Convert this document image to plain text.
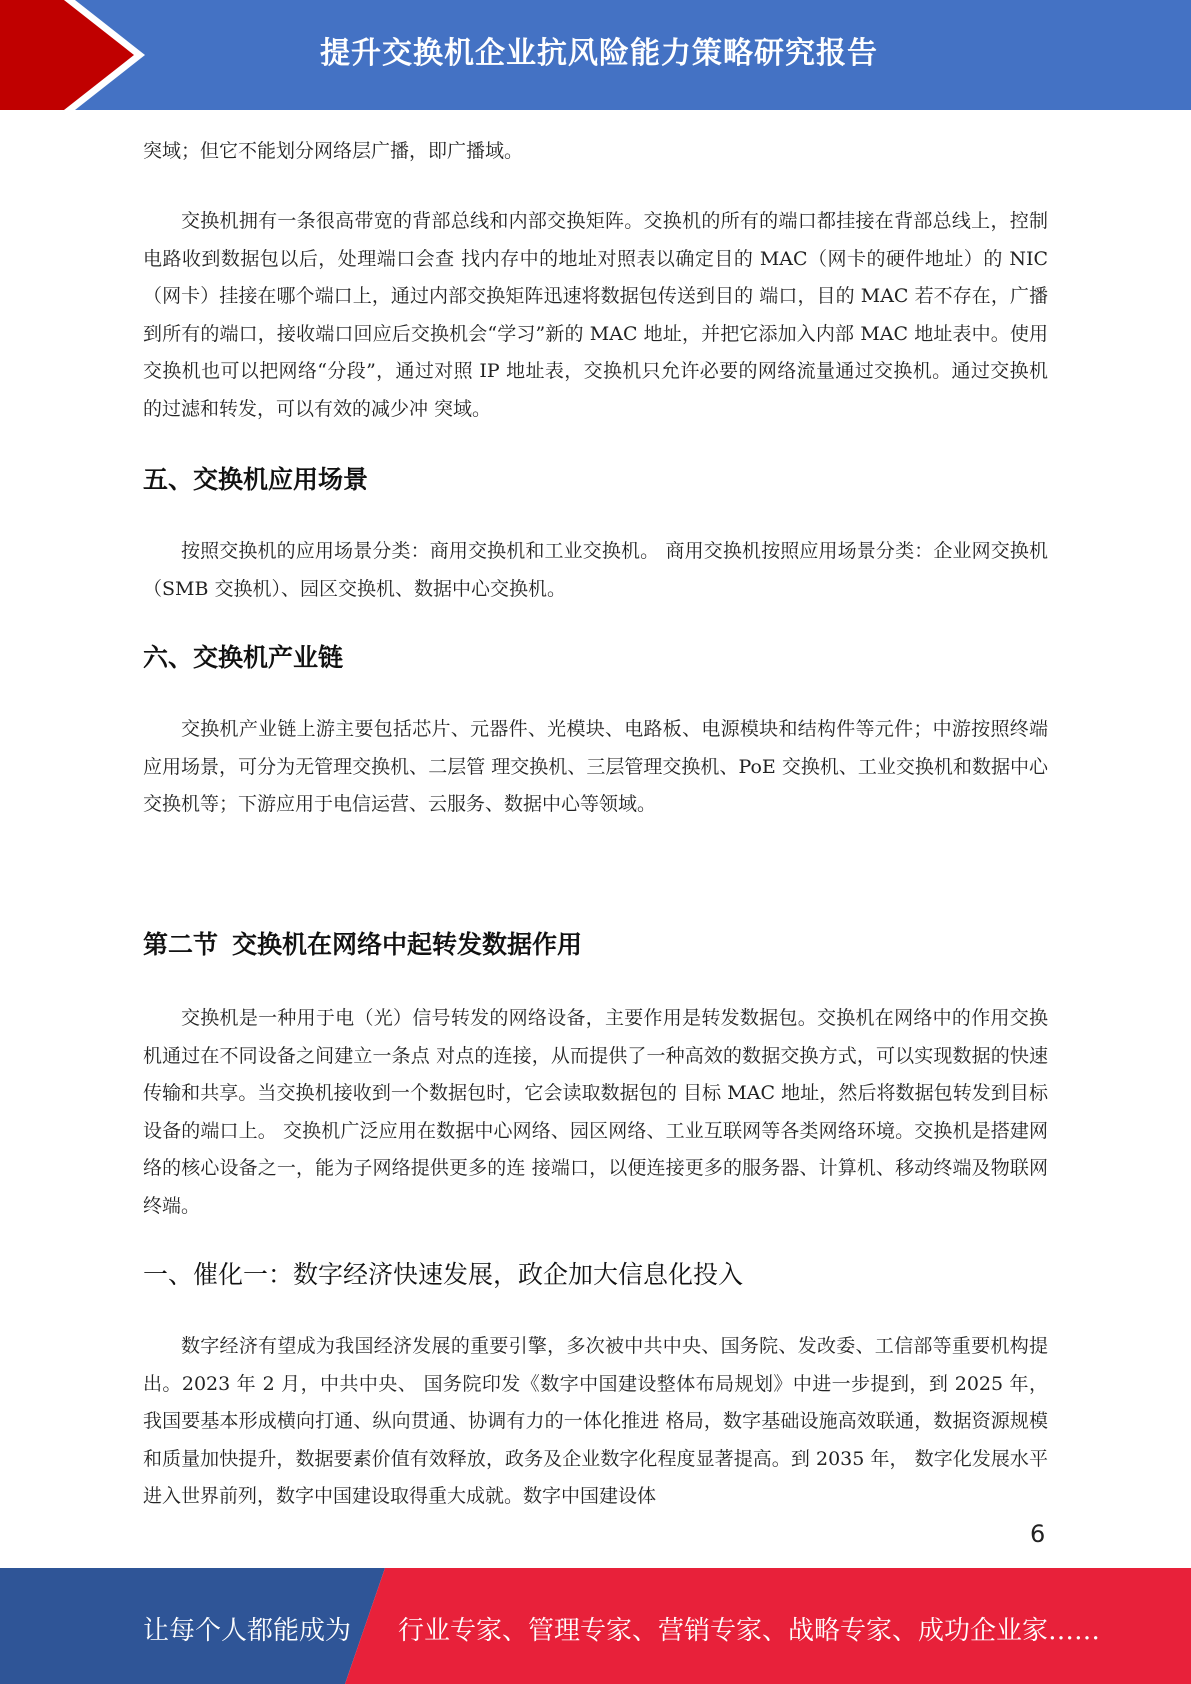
提升交换机企业抗风险能力策略研究报告

突域；但它不能划分网络层广播，即广播域。

交换机拥有一条很高带宽的背部总线和内部交换矩阵。交换机的所有的端口都挂接在背部总线上，控制电路收到数据包以后，处理端口会查 找内存中的地址对照表以确定目的 MAC（网卡的硬件地址）的 NIC（网卡）挂接在哪个端口上，通过内部交换矩阵迅速将数据包传送到目的 端口，目的 MAC 若不存在，广播到所有的端口，接收端口回应后交换机会“学习”新的 MAC 地址，并把它添加入内部 MAC 地址表中。使用 交换机也可以把网络“分段”，通过对照 IP 地址表，交换机只允许必要的网络流量通过交换机。通过交换机的过滤和转发，可以有效的减少冲 突域。

五、交换机应用场景

按照交换机的应用场景分类：商用交换机和工业交换机。 商用交换机按照应用场景分类：企业网交换机（SMB 交换机）、园区交换机、数据中心交换机。

六、交换机产业链

交换机产业链上游主要包括芯片、元器件、光模块、电路板、电源模块和结构件等元件；中游按照终端应用场景，可分为无管理交换机、二层管 理交换机、三层管理交换机、PoE 交换机、工业交换机和数据中心交换机等；下游应用于电信运营、云服务、数据中心等领域。

第二节 交换机在网络中起转发数据作用

交换机是一种用于电（光）信号转发的网络设备，主要作用是转发数据包。交换机在网络中的作用交换机通过在不同设备之间建立一条点 对点的连接，从而提供了一种高效的数据交换方式，可以实现数据的快速传输和共享。当交换机接收到一个数据包时，它会读取数据包的 目标 MAC 地址，然后将数据包转发到目标设备的端口上。 交换机广泛应用在数据中心网络、园区网络、工业互联网等各类网络环境。交换机是搭建网络的核心设备之一，能为子网络提供更多的连 接端口，以便连接更多的服务器、计算机、移动终端及物联网终端。

一、催化一：数字经济快速发展，政企加大信息化投入

数字经济有望成为我国经济发展的重要引擎，多次被中共中央、国务院、发改委、工信部等重要机构提出。2023 年 2 月，中共中央、 国务院印发《数字中国建设整体布局规划》中进一步提到，到 2025 年，我国要基本形成横向打通、纵向贯通、协调有力的一体化推进 格局，数字基础设施高效联通，数据资源规模和质量加快提升，数据要素价值有效释放，政务及企业数字化程度显著提高。到 2035 年， 数字化发展水平进入世界前列，数字中国建设取得重大成就。数字中国建设体

6
让每个人都能成为 行业专家、管理专家、营销专家、战略专家、成功企业家……
